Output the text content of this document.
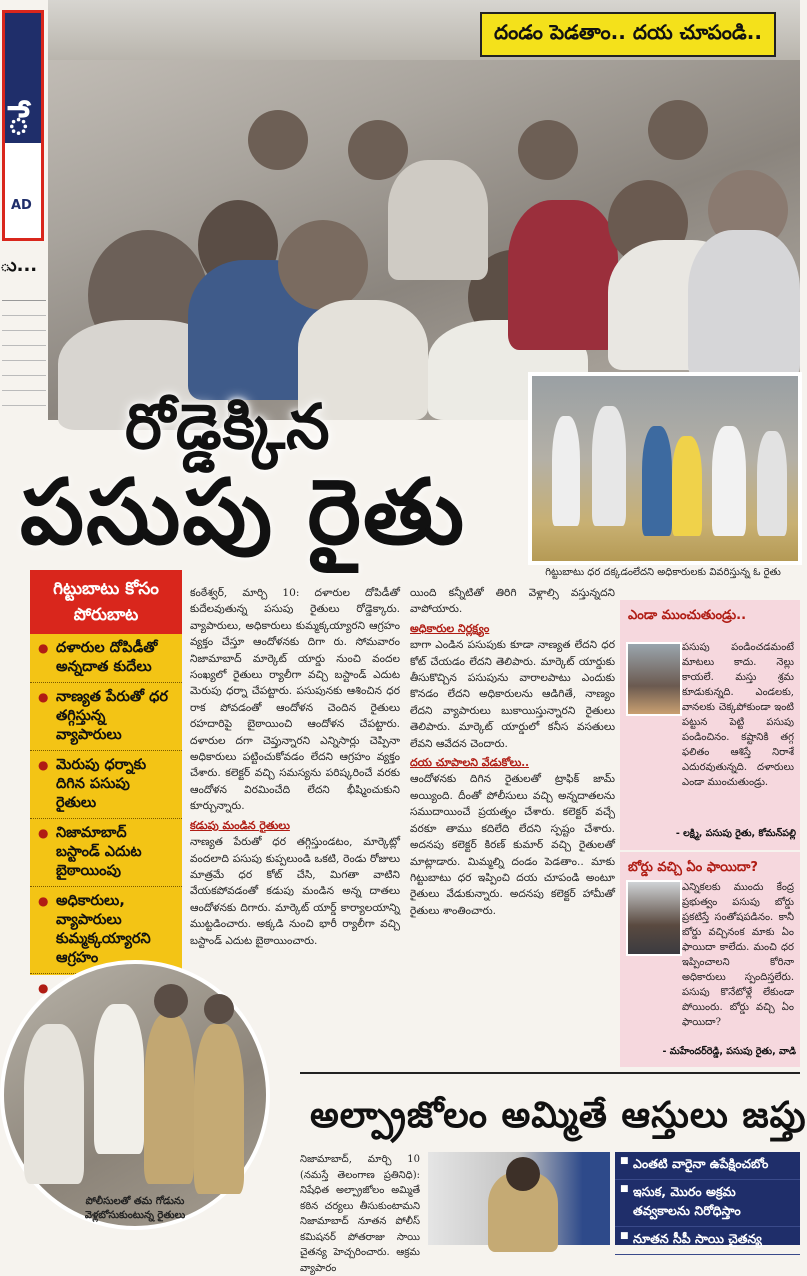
ే
AD
ు...
దండం పెడతాం.. దయ చూపండి..
గిట్టుబాటు ధర దక్కడంలేదని అధికారులకు వివరిస్తున్న ఓ రైతు
రోడ్డెక్కిన
పసుపు రైతు
గిట్టుబాటు కోసం
పోరుబాట
● దళారుల దోపిడీతో అన్నదాత కుదేలు
● నాణ్యత పేరుతో ధర తగ్గిస్తున్న వ్యాపారులు
● మెరుపు ధర్నాకు దిగిన పసుపు రైతులు
● నిజామాబాద్ బస్టాండ్ ఎదుట బైఠాయింపు
● అధికారులు, వ్యాపారులు కుమ్మక్కయ్యారని ఆగ్రహం
●
పోలీసులతో తమ గోడును వెళ్లబోసుకుంటున్న రైతులు
కంఠేశ్వర్, మార్చి 10: దళారుల దోపిడీతో కుదేలవుతున్న పసుపు రైతులు రోడ్డెక్కారు. వ్యాపారులు, అధికారులు కుమ్మక్కయ్యారని ఆగ్రహం వ్యక్తం చేస్తూ ఆందోళనకు దిగా రు. సోమవారం నిజామాబాద్ మార్కెట్ యార్డు నుంచి వందల సంఖ్యలో రైతులు ర్యాలీగా వచ్చి బస్టాండ్ ఎదుట మెరుపు ధర్నా చేపట్టారు. పసుపునకు ఆశించిన ధర రాక పోవడంతో ఆందోళన చెందిన రైతులు రహదారిపై బైఠాయించి ఆందోళన చేపట్టారు. దళారుల దగా చెప్తున్నారని ఎన్నిసార్లు చెప్పినా అధికారులు పట్టించుకోవడం లేదని ఆగ్రహం వ్యక్తం చేశారు. కలెక్టర్ వచ్చి సమస్యను పరిష్కరించే వరకు ఆందోళన విరమించేది లేదని భీష్మించుకుని కూర్చున్నారు.
కడుపు మండిన రైతులు
నాణ్యత పేరుతో ధర తగ్గిస్తుండటం, మార్కెట్లో వందలాది పసుపు కుప్పలుండి ఒకటి, రెండు రోజులు మాత్రమే ధర కోట్ చేసి, మిగతా వాటిని వేయకపోవడంతో కడుపు మండిన అన్న దాతలు ఆందోళనకు దిగారు. మార్కెట్ యార్డ్ కార్యాలయాన్ని ముట్టడించారు. అక్కడి నుంచి భారీ ర్యాలీగా వచ్చి బస్టాండ్ ఎదుట బైఠాయించారు.
యింది కన్నీటితో తిరిగి వెళ్లాల్సి వస్తున్నదని వాపోయారు.
అధికారుల నిర్లక్ష్యం
బాగా ఎండిన పసుపుకు కూడా నాణ్యత లేదని ధర కోట్ చేయడం లేదని తెలిపారు. మార్కెట్ యార్డుకు తీసుకొచ్చిన పసుపును వారాలపాటు ఎందుకు కొనడం లేదని అధికారులను ఆడిగితే, నాణ్యం లేదని వ్యాపారులు బుకాయిస్తున్నారని రైతులు తెలిపారు. మార్కెట్ యార్డులో కనీస వసతులు లేవని ఆవేదన చెందారు.
దయ చూపాలని వేడుకోలు..
ఆందోళనకు దిగిన రైతులతో ట్రాఫిక్ జామ్ అయ్యింది. దీంతో పోలీసులు వచ్చి అన్నదాతలను సముదాయించే ప్రయత్నం చేశారు. కలెక్టర్ వచ్చే వరకూ తాము కదిలేది లేదని స్పష్టం చేశారు. అదనపు కలెక్టర్ కిరణ్ కుమార్ వచ్చి రైతులతో మాట్లాడారు. మిమ్మల్ని దండం పెడతాం.. మాకు గిట్టుబాటు ధర ఇప్పించి దయ చూపండి అంటూ రైతులు వేడుకున్నారు. అదనపు కలెక్టర్ హామీతో రైతులు శాంతించారు.
ఎండా ముంచుతుండ్రు..
పసుపు పండించడమంటే మాటలు కాదు. నెల్లు కాయలే. మస్తు శ్రమ కూడుకున్నది. ఎండలకు, వానలకు చెక్కపోకుండా ఇంటి పట్టున పెట్టి పసుపు పండించినం. కష్టానికి తగ్గ ఫలితం ఆశిస్తే నిరాశే ఎదురవుతున్నది. దళారులు ఎండా ముంచుతుండ్రు.
- లక్ష్మి, పసుపు రైతు, కోమన్‌పల్లి
బోర్డు వచ్చి ఏం ఫాయిదా?
ఎన్నికలకు ముందు కేంద్ర ప్రభుత్వం పసుపు బోర్డు ప్రకటిస్తే సంతోషపడినం. కానీ బోర్డు వచ్చినంక మాకు ఏం ఫాయిదా కాలేదు. మంచి ధర ఇప్పించాలని కోరినా అధికారులు స్పందిస్తలేరు. పసుపు కొనేటోళ్లే లేకుండా పోయింరు. బోర్డు వచ్చి ఏం ఫాయిదా?
- మహేందర్‌రెడ్డి, పసుపు రైతు, వాడి
అల్ప్రాజోలం అమ్మితే ఆస్తులు జప్తు
నిజామాబాద్, మార్చి 10 (నమస్తే తెలంగాణ ప్రతినిధి): నిషేధిత అల్ప్రాజోలం అమ్మితే కఠిన చర్యలు తీసుకుంటామని నిజామాబాద్ నూతన పోలీస్ కమిషనర్ పోతరాజు సాయి చైతన్య హెచ్చరించారు. ఆక్రమ వ్యాపారం
■ ఎంతటి వారైనా ఉపేక్షించబోం
■ ఇసుక, మొరం అక్రమ తవ్వకాలను నిరోధిస్తాం
■ నూతన సీపీ సాయి చైతన్య
